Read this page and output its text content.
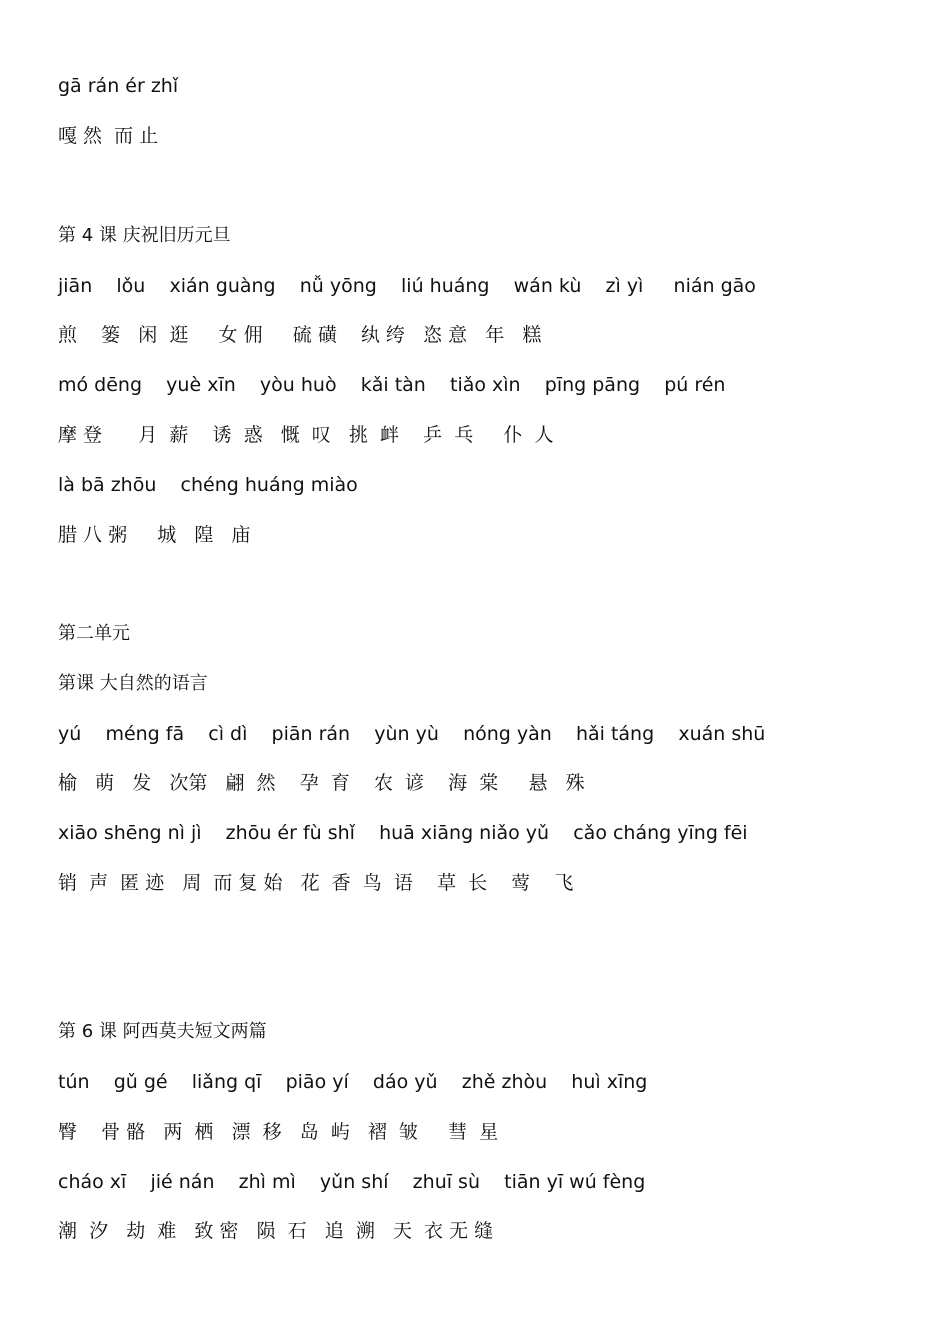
gā rán ér zhǐ
嘎 然  而 止
第 4 课 庆祝旧历元旦
jiān    lǒu    xián guàng    nǚ yōng    liú huáng    wán kù    zì yì     nián gāo
煎    篓   闲  逛     女 佣     硫 磺    纨 绔   恣 意   年   糕
mó dēng    yuè xīn    yòu huò    kǎi tàn    tiǎo xìn    pīng pāng    pú rén
摩 登      月  薪    诱  惑   慨  叹   挑  衅    乒  乓     仆  人
là bā zhōu    chéng huáng miào
腊 八 粥     城   隍   庙
第二单元
第课 大自然的语言
yú    méng fā    cì dì    piān rán    yùn yù    nóng yàn    hǎi táng    xuán shū
榆   萌   发   次第   翩  然    孕  育    农  谚    海  棠     悬   殊
xiāo shēng nì jì    zhōu ér fù shǐ    huā xiāng niǎo yǔ    cǎo cháng yīng fēi
销  声  匿 迹   周  而 复 始   花  香  鸟  语    草  长    莺    飞
第 6 课 阿西莫夫短文两篇
tún    gǔ gé    liǎng qī    piāo yí    dáo yǔ    zhě zhòu    huì xīng
臀    骨 骼   两  栖   漂  移   岛  屿   褶  皱     彗  星
cháo xī    jié nán    zhì mì    yǔn shí    zhuī sù    tiān yī wú fèng
潮  汐   劫  难   致 密   陨  石   追  溯   天  衣 无 缝
